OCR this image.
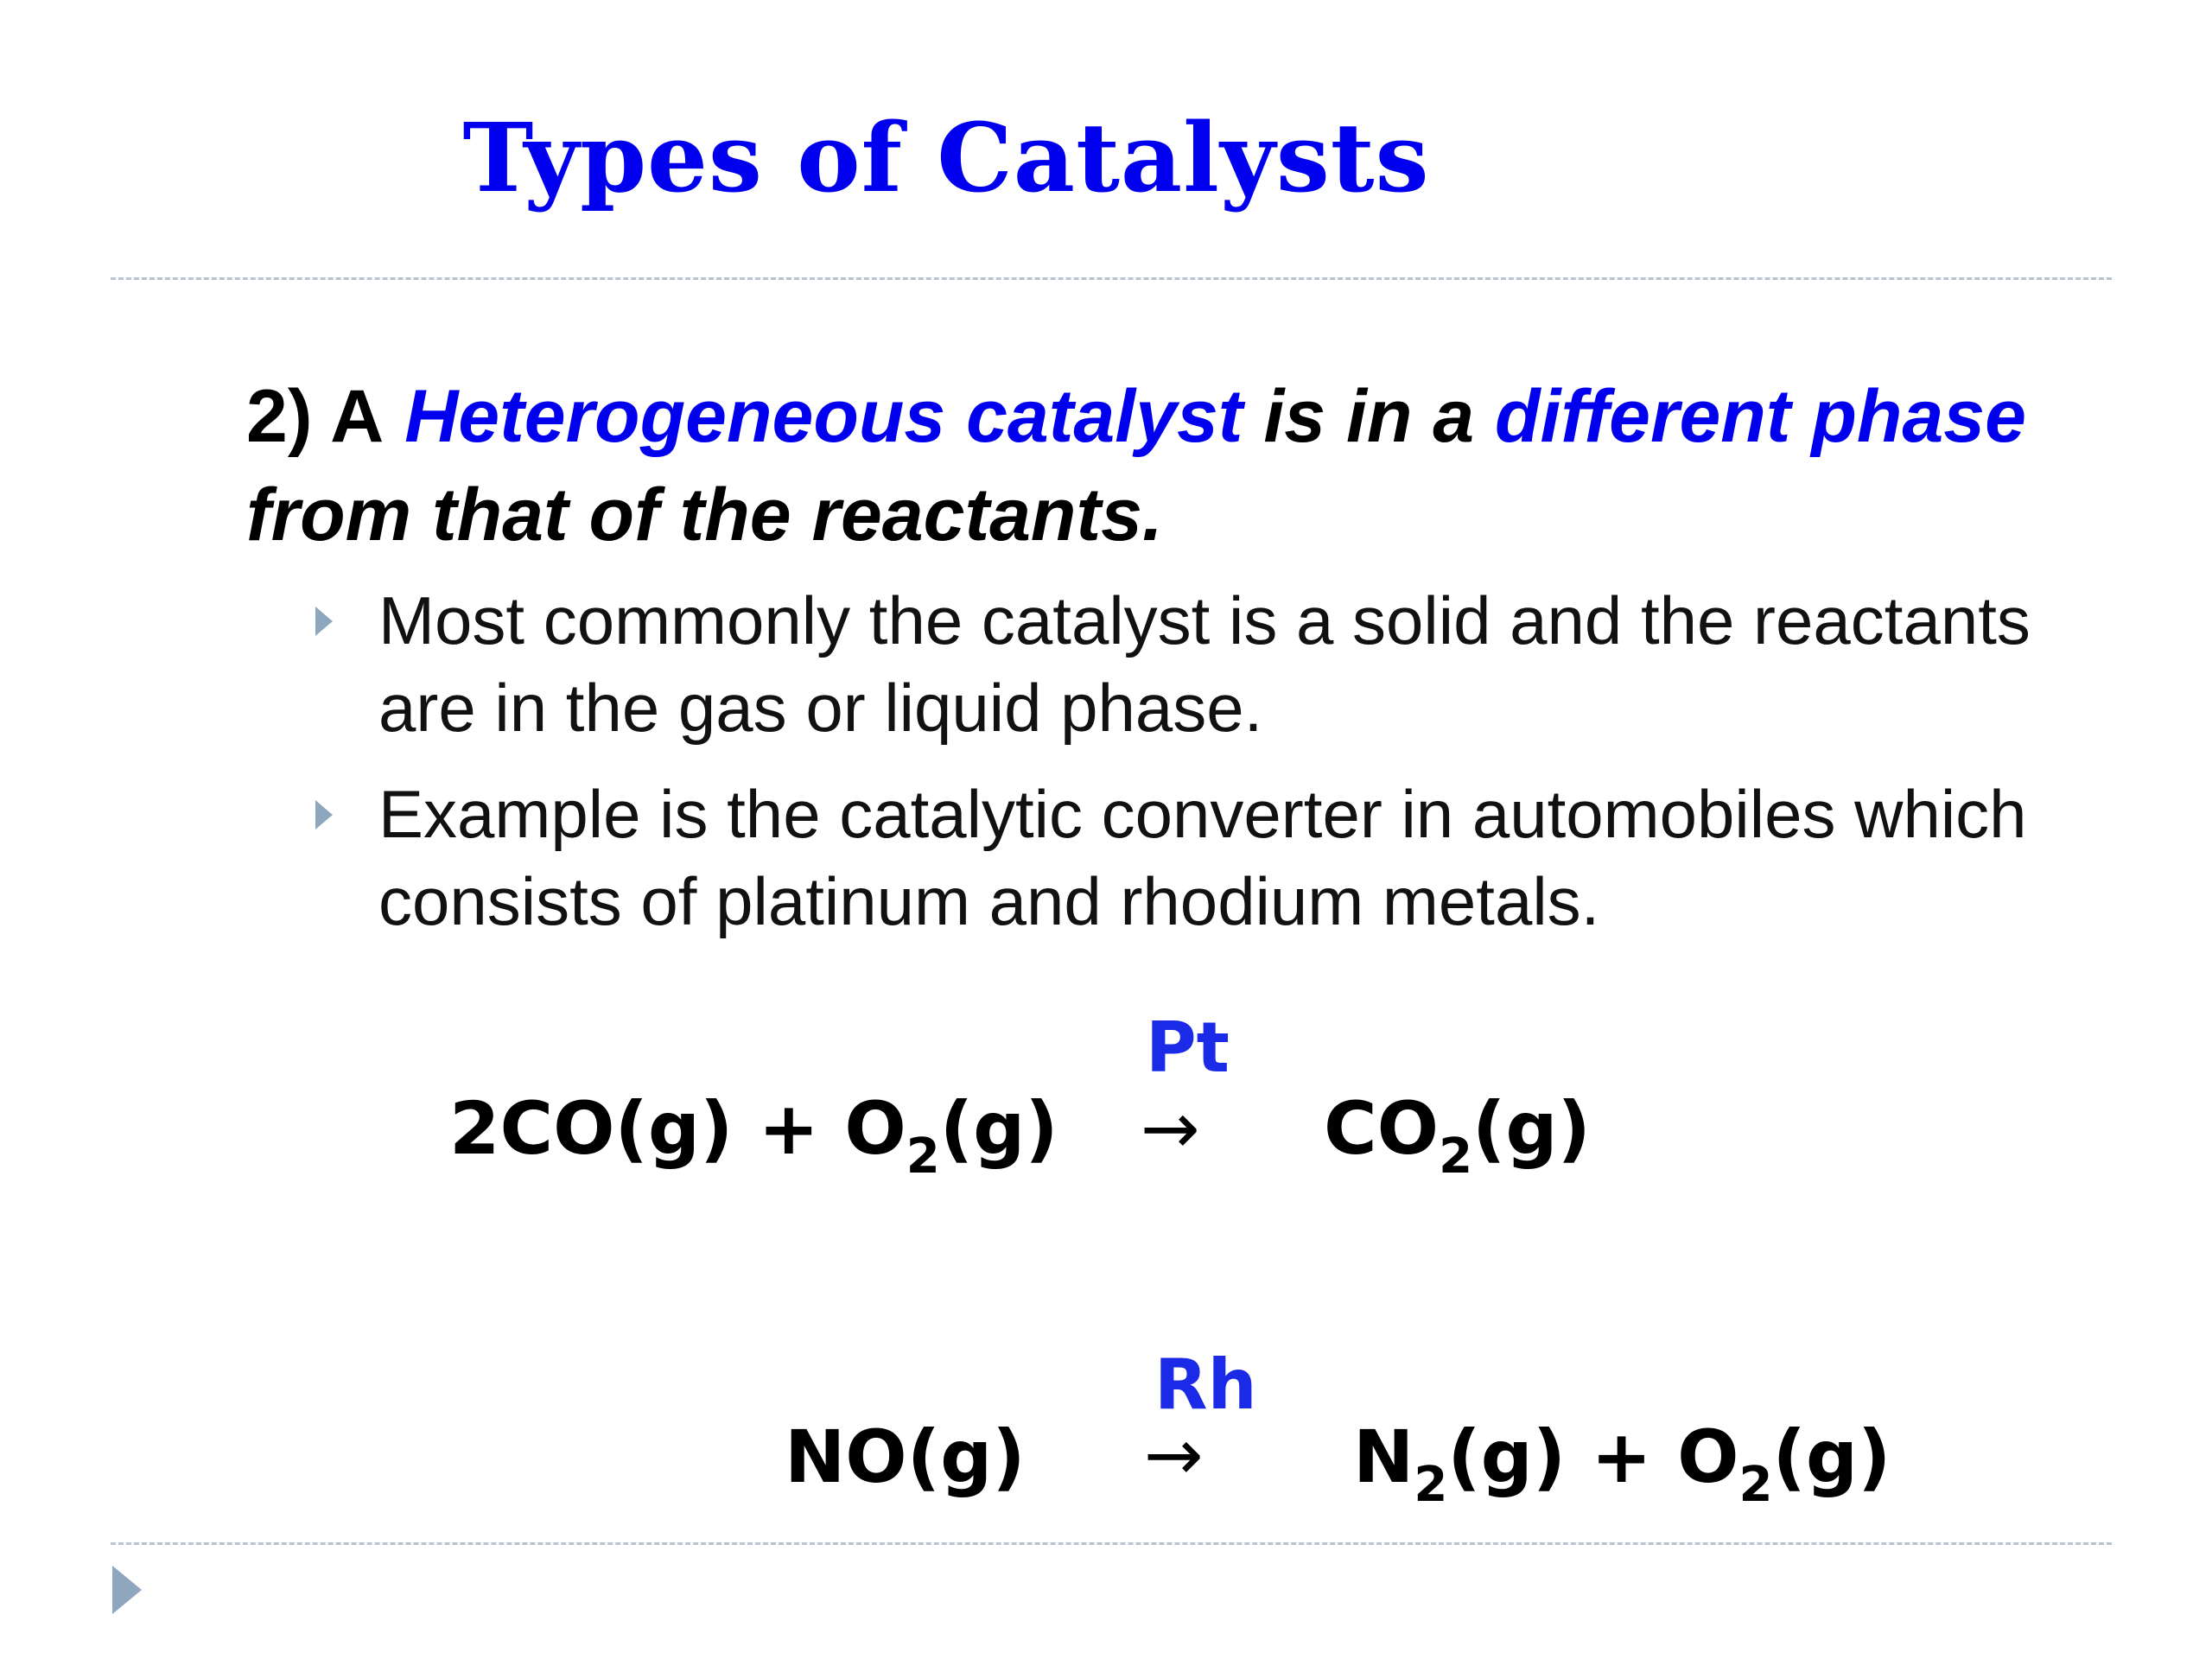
Types of Catalysts
2) A Heterogeneous catalyst is in a different phase from that of the reactants.
Most commonly the catalyst is a solid and the reactants are in the gas or liquid phase.
Example is the catalytic converter in automobiles which consists of platinum and rhodium metals.
Pt
$2CO(g) + O_2(g) \to CO_2(g)$
Rh
$NO(g) \to N_2(g) + O_2(g)$
